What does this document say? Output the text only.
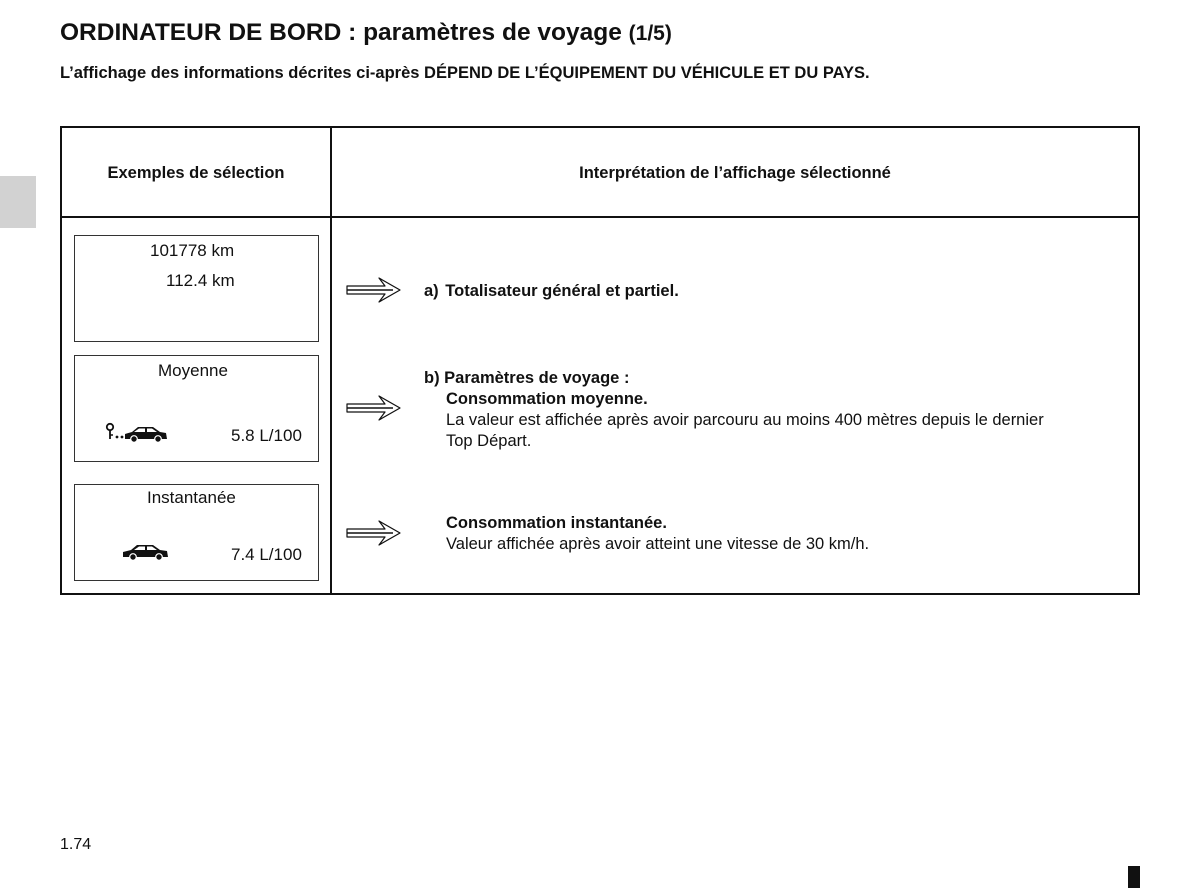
ORDINATEUR DE BORD : paramètres de voyage (1/5)

L’affichage des informations décrites ci-après DÉPEND DE L’ÉQUIPEMENT DU VÉHICULE ET DU PAYS.

Exemples de sélection	Interprétation de l’affichage sélectionné
101778 km
112.4 km
a) Totalisateur général et partiel.
Moyenne
5.8 L/100
b) Paramètres de voyage :
Consommation moyenne.
La valeur est affichée après avoir parcouru au moins 400 mètres depuis le dernier
Top Départ.
Instantanée
7.4 L/100
Consommation instantanée.
Valeur affichée après avoir atteint une vitesse de 30 km/h.
1.74
